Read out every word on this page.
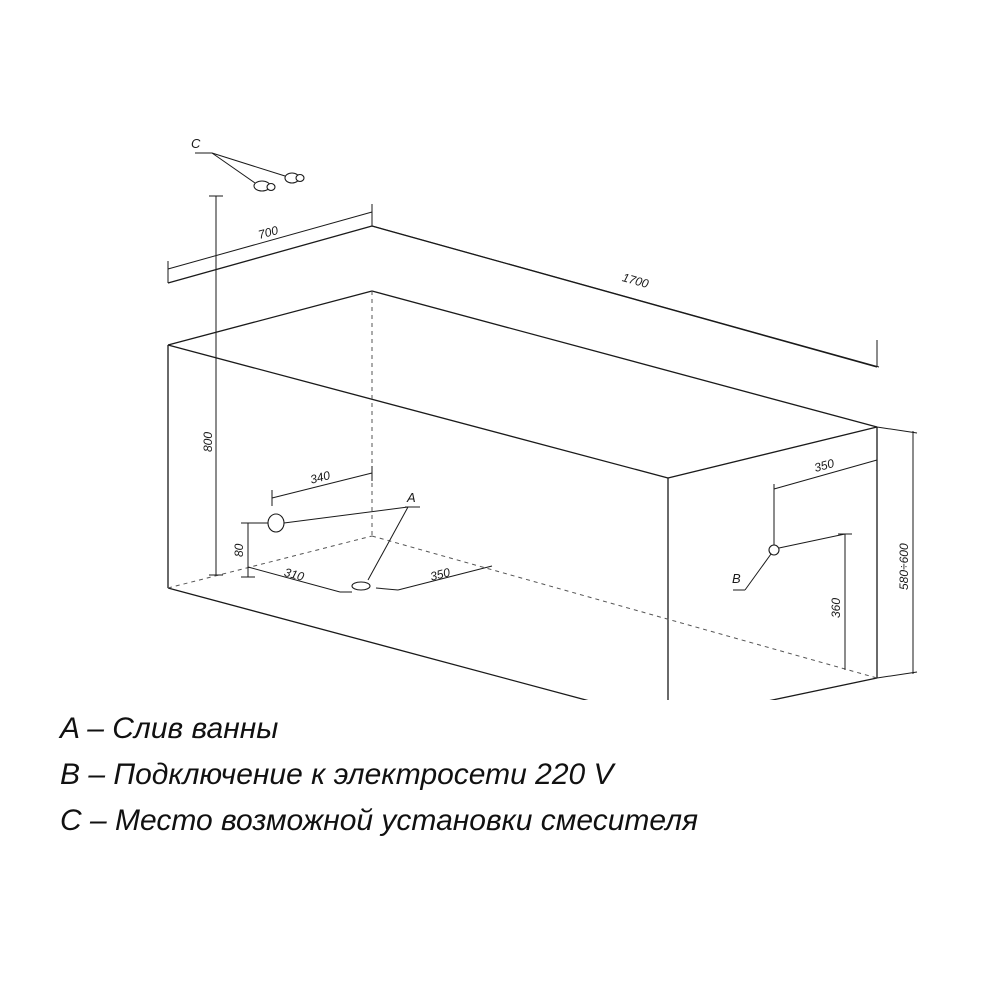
C
700
1700
800
A
340
80
310	350	B
350
360
580÷600
A – Слив ванны
B – Подключение к электросети 220 V
C – Место возможной установки смесителя
